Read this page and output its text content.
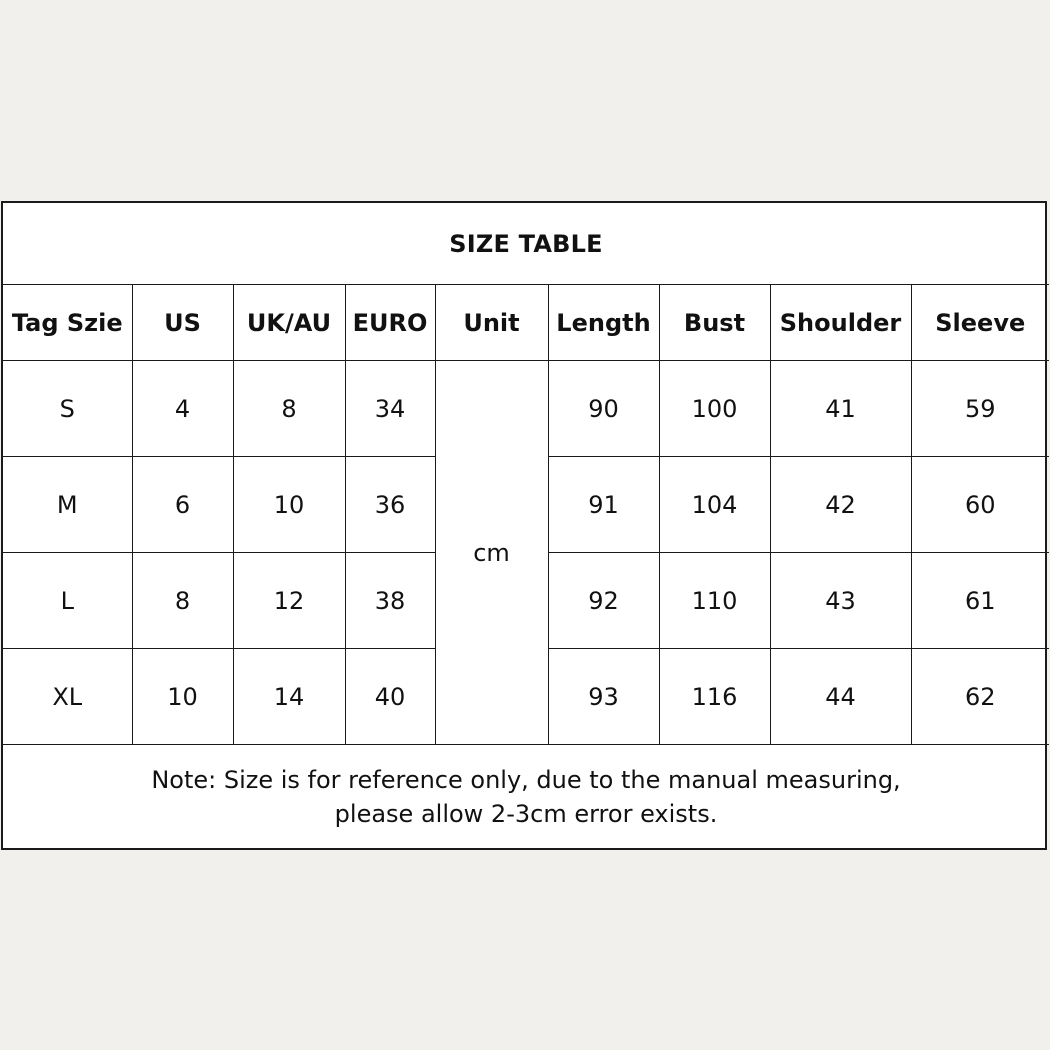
SIZE TABLE								
Tag Szie	US	UK/AU	EURO	Unit	Length	Bust	Shoulder	Sleeve
S	4	8	34	cm	90	100	41	59
M	6	10	36		91	104	42	60
L	8	12	38		92	110	43	61
XL	10	14	40		93	116	44	62

Note: Size is for reference only, due to the manual measuring,
please allow 2-3cm error exists.								
